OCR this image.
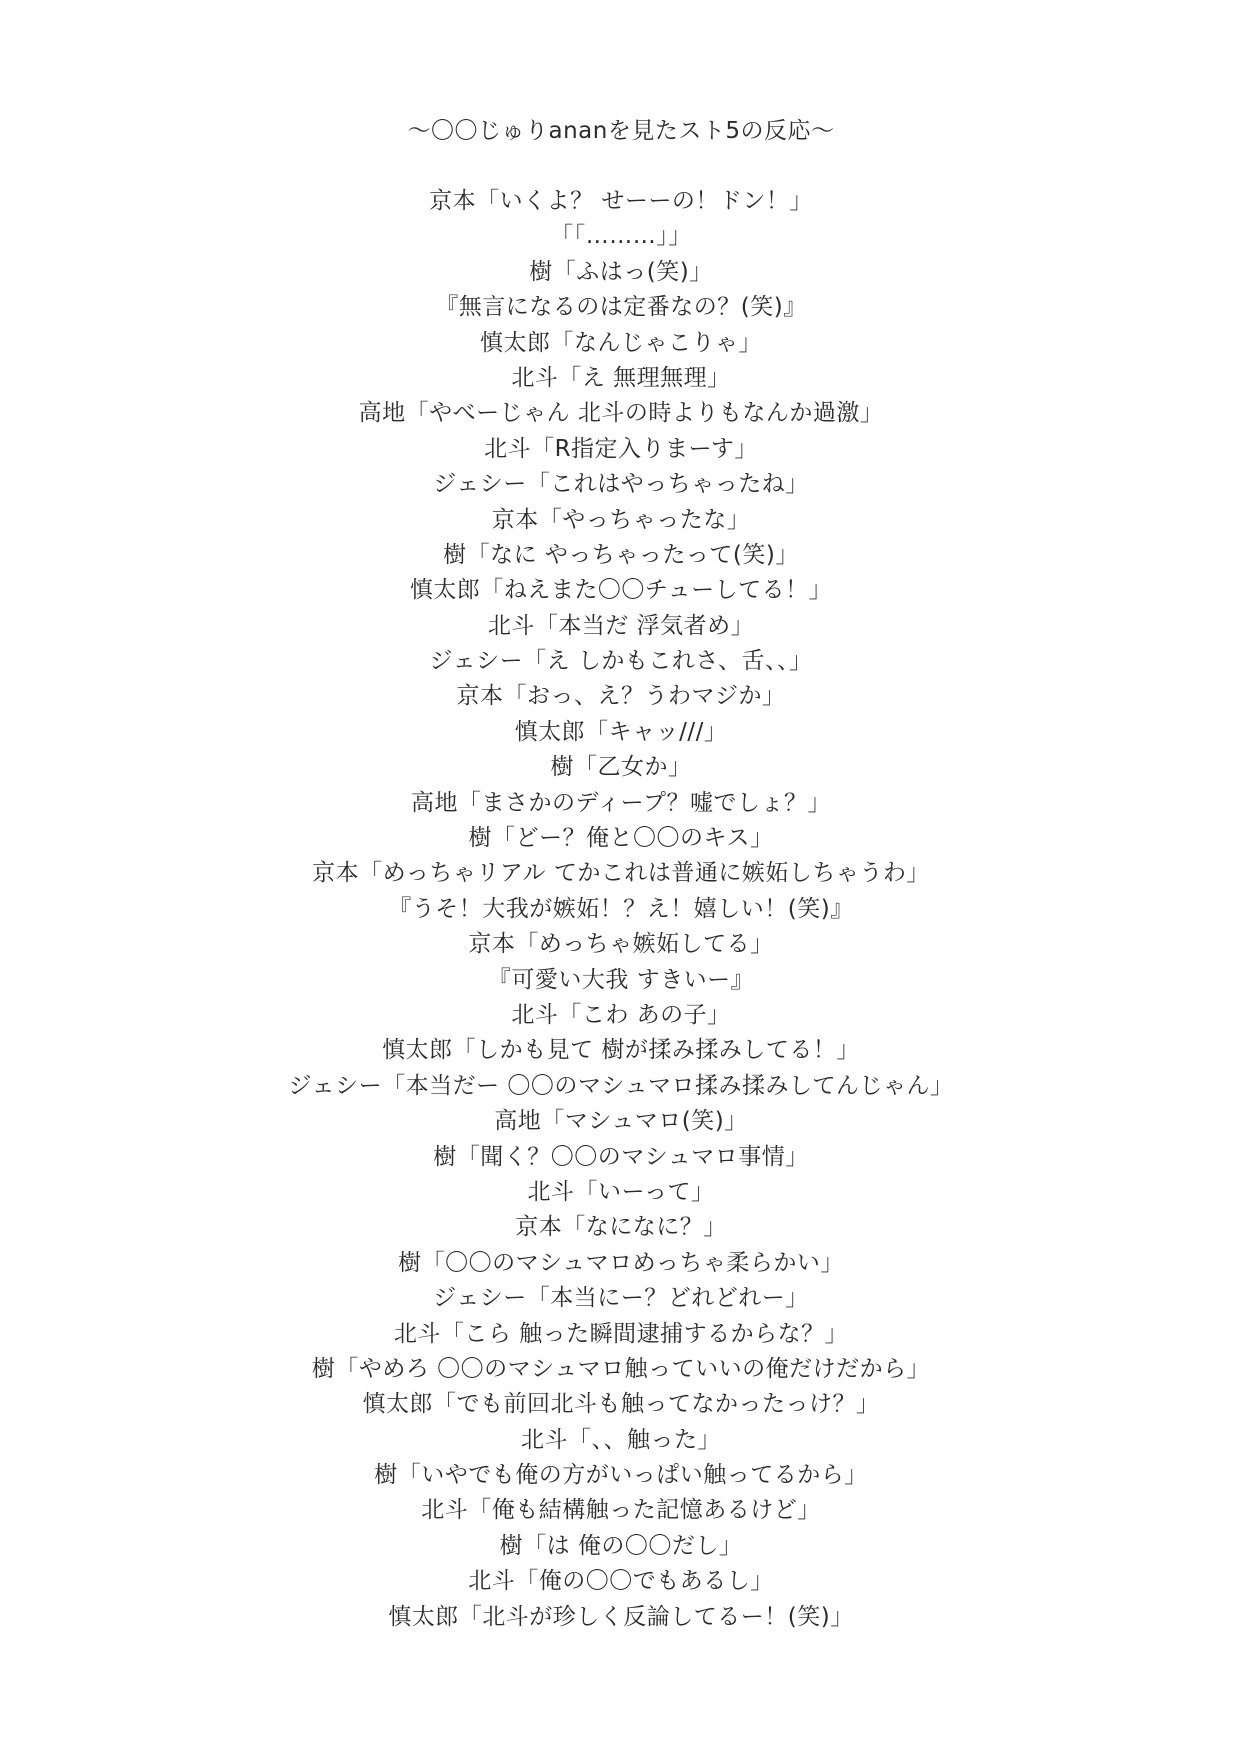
〜〇〇じゅりananを見たスト5の反応〜
京本「いくよ？ せーーの！ドン！」
「「………」」
樹「ふはっ(笑)」
『無言になるのは定番なの？(笑)』
慎太郎「なんじゃこりゃ」
北斗「え 無理無理」
高地「やべーじゃん 北斗の時よりもなんか過激」
北斗「R指定入りまーす」
ジェシー「これはやっちゃったね」
京本「やっちゃったな」
樹「なに やっちゃったって(笑)」
慎太郎「ねえまた〇〇チューしてる！」
北斗「本当だ 浮気者め」
ジェシー「え しかもこれさ、舌、、」
京本「おっ、え？うわマジか」
慎太郎「キャッ///」
樹「乙女か」
高地「まさかのディープ？嘘でしょ？」
樹「どー？俺と〇〇のキス」
京本「めっちゃリアル てかこれは普通に嫉妬しちゃうわ」
『うそ！大我が嫉妬！？え！嬉しい！(笑)』
京本「めっちゃ嫉妬してる」
『可愛い大我 すきいー』
北斗「こわ あの子」
慎太郎「しかも見て 樹が揉み揉みしてる！」
ジェシー「本当だー 〇〇のマシュマロ揉み揉みしてんじゃん」
高地「マシュマロ(笑)」
樹「聞く？〇〇のマシュマロ事情」
北斗「いーって」
京本「なになに？」
樹「〇〇のマシュマロめっちゃ柔らかい」
ジェシー「本当にー？どれどれー」
北斗「こら 触った瞬間逮捕するからな？」
樹「やめろ 〇〇のマシュマロ触っていいの俺だけだから」
慎太郎「でも前回北斗も触ってなかったっけ？」
北斗「、、触った」
樹「いやでも俺の方がいっぱい触ってるから」
北斗「俺も結構触った記憶あるけど」
樹「は 俺の〇〇だし」
北斗「俺の〇〇でもあるし」
慎太郎「北斗が珍しく反論してるー！(笑)」
